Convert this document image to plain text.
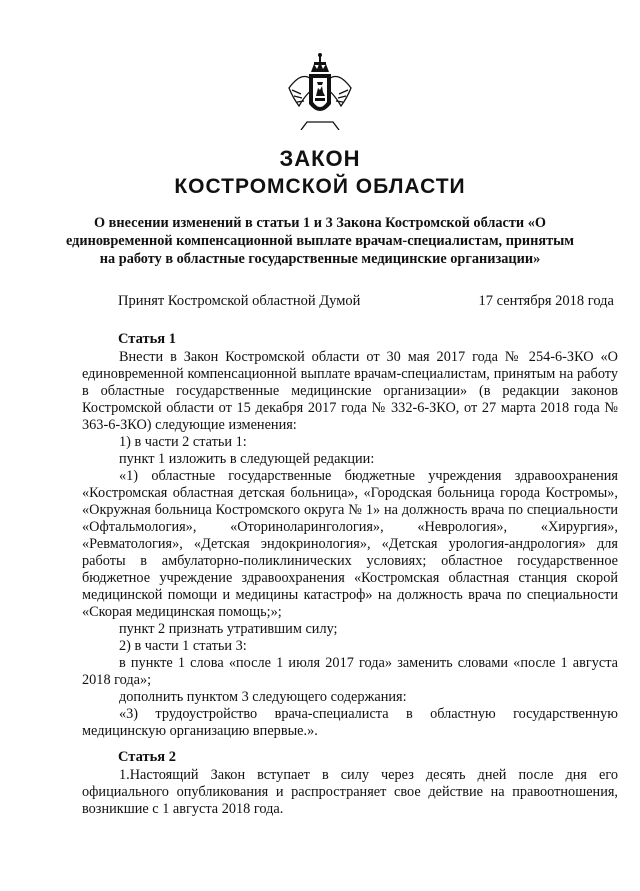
ЗАКОН
КОСТРОМСКОЙ ОБЛАСТИ
О внесении изменений в статьи 1 и 3 Закона Костромской области «О единовременной компенсационной выплате врачам-специалистам, принятым на работу в областные государственные медицинские организации»
Принят Костромской областной Думой	17 сентября 2018 года
Статья 1

Внести в Закон Костромской области от 30 мая 2017 года № 254-6-ЗКО «О единовременной компенсационной выплате врачам-специалистам, принятым на работу в областные государственные медицинские организации» (в редакции законов Костромской области от 15 декабря 2017 года № 332-6-ЗКО, от 27 марта 2018 года № 363-6-ЗКО) следующие изменения:

1) в части 2 статьи 1:

пункт 1 изложить в следующей редакции:

«1) областные государственные бюджетные учреждения здравоохранения «Костромская областная детская больница», «Городская больница города Костромы», «Окружная больница Костромского округа № 1» на должность врача по специальности «Офтальмология», «Оториноларингология», «Неврология», «Хирургия», «Ревматология», «Детская эндокринология», «Детская урология-андрология» для работы в амбулаторно-поликлинических условиях; областное государственное бюджетное учреждение здравоохранения «Костромская областная станция скорой медицинской помощи и медицины катастроф» на должность врача по специальности «Скорая медицинская помощь;»;

пункт 2 признать утратившим силу;

2) в части 1 статьи 3:

в пункте 1 слова «после 1 июля 2017 года» заменить словами «после 1 августа 2018 года»;

дополнить пунктом 3 следующего содержания:

«3) трудоустройство врача-специалиста в областную государственную медицинскую организацию впервые.».

Статья 2

1.Настоящий Закон вступает в силу через десять дней после дня его официального опубликования и распространяет свое действие на правоотношения, возникшие с 1 августа 2018 года.
